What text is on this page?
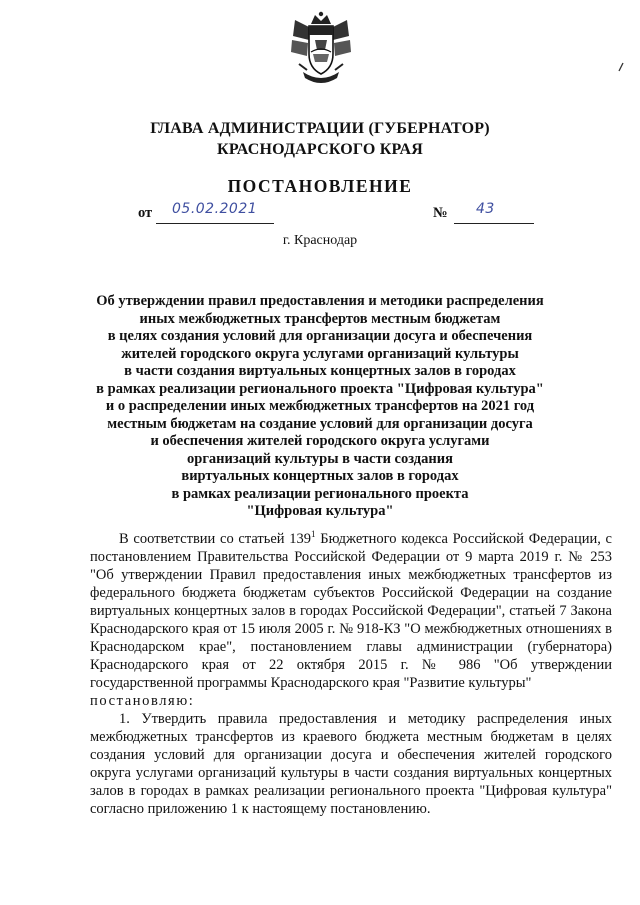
ГЛАВА АДМИНИСТРАЦИИ (ГУБЕРНАТОР)
КРАСНОДАРСКОГО КРАЯ
ПОСТАНОВЛЕНИЕ
от 05.02.2021	№ 43
г. Краснодар
Об утверждении правил предоставления и методики распределения
иных межбюджетных трансфертов местным бюджетам
в целях создания условий для организации досуга и обеспечения
жителей городского округа услугами организаций культуры
в части создания виртуальных концертных залов в городах
в рамках реализации регионального проекта "Цифровая культура"
и о распределении иных межбюджетных трансфертов на 2021 год
местным бюджетам на создание условий для организации досуга
и обеспечения жителей городского округа услугами
организаций культуры в части создания
виртуальных концертных залов в городах
в рамках реализации регионального проекта
"Цифровая культура"

В соответствии со статьей $139^1$ Бюджетного кодекса Российской Федерации, с постановлением Правительства Российской Федерации от 9 марта 2019 г. № 253 "Об утверждении Правил предоставления иных межбюджетных трансфертов из федерального бюджета бюджетам субъектов Российской Федерации на создание виртуальных концертных залов в городах Российской Федерации", статьей 7 Закона Краснодарского края от 15 июля 2005 г. № 918-КЗ "О межбюджетных отношениях в Краснодарском крае", постановлением главы администрации (губернатора) Краснодарского края от 22 октября 2015 г. № 986 "Об утверждении государственной программы Краснодарского края "Развитие культуры"
постановляю:

1. Утвердить правила предоставления и методику распределения иных межбюджетных трансфертов из краевого бюджета местным бюджетам в целях создания условий для организации досуга и обеспечения жителей городского округа услугами организаций культуры в части создания виртуальных концертных залов в городах в рамках реализации регионального проекта "Цифровая культура" согласно приложению 1 к настоящему постановлению.
